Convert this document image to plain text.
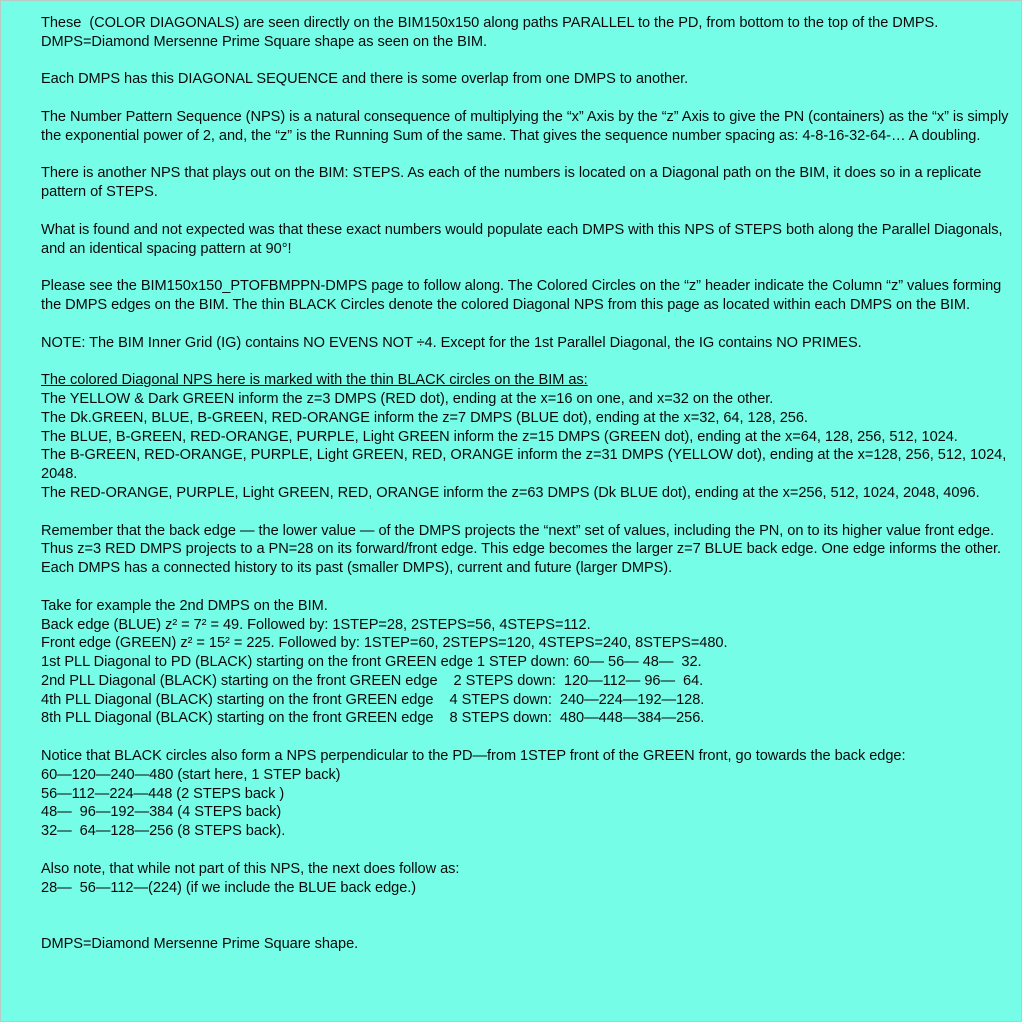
These  (COLOR DIAGONALS) are seen directly on the BIM150x150 along paths PARALLEL to the PD, from bottom to the top of the DMPS. DMPS=Diamond Mersenne Prime Square shape as seen on the BIM.

Each DMPS has this DIAGONAL SEQUENCE and there is some overlap from one DMPS to another.

The Number Pattern Sequence (NPS) is a natural consequence of multiplying the “x” Axis by the “z” Axis to give the PN (containers) as the “x” is simply the exponential power of 2, and, the “z” is the Running Sum of the same. That gives the sequence number spacing as: 4-8-16-32-64-… A doubling.

There is another NPS that plays out on the BIM: STEPS. As each of the numbers is located on a Diagonal path on the BIM, it does so in a replicate pattern of STEPS.

What is found and not expected was that these exact numbers would populate each DMPS with this NPS of STEPS both along the Parallel Diagonals, and an identical spacing pattern at 90°!

Please see the BIM150x150_PTOFBMPPN-DMPS page to follow along. The Colored Circles on the “z” header indicate the Column “z” values forming the DMPS edges on the BIM. The thin BLACK Circles denote the colored Diagonal NPS from this page as located within each DMPS on the BIM.

NOTE: The BIM Inner Grid (IG) contains NO EVENS NOT ÷4. Except for the 1st Parallel Diagonal, the IG contains NO PRIMES.

The colored Diagonal NPS here is marked with the thin BLACK circles on the BIM as:
The YELLOW & Dark GREEN inform the z=3 DMPS (RED dot), ending at the x=16 on one, and x=32 on the other.
The Dk.GREEN, BLUE, B-GREEN, RED-ORANGE inform the z=7 DMPS (BLUE dot), ending at the x=32, 64, 128, 256.
The BLUE, B-GREEN, RED-ORANGE, PURPLE, Light GREEN inform the z=15 DMPS (GREEN dot), ending at the x=64, 128, 256, 512, 1024.
The B-GREEN, RED-ORANGE, PURPLE, Light GREEN, RED, ORANGE inform the z=31 DMPS (YELLOW dot), ending at the x=128, 256, 512, 1024, 2048.
The RED-ORANGE, PURPLE, Light GREEN, RED, ORANGE inform the z=63 DMPS (Dk BLUE dot), ending at the x=256, 512, 1024, 2048, 4096.

Remember that the back edge — the lower value — of the DMPS projects the “next” set of values, including the PN, on to its higher value front edge. Thus z=3 RED DMPS projects to a PN=28 on its forward/front edge. This edge becomes the larger z=7 BLUE back edge. One edge informs the other. Each DMPS has a connected history to its past (smaller DMPS), current and future (larger DMPS).

Take for example the 2nd DMPS on the BIM.
Back edge (BLUE) z² = 7² = 49. Followed by: 1STEP=28, 2STEPS=56, 4STEPS=112.
Front edge (GREEN) z² = 15² = 225. Followed by: 1STEP=60, 2STEPS=120, 4STEPS=240, 8STEPS=480.
1st PLL Diagonal to PD (BLACK) starting on the front GREEN edge 1 STEP down: 60— 56— 48—  32.
2nd PLL Diagonal (BLACK) starting on the front GREEN edge    2 STEPS down:  120—112— 96—  64.
4th PLL Diagonal (BLACK) starting on the front GREEN edge    4 STEPS down:  240—224—192—128.
8th PLL Diagonal (BLACK) starting on the front GREEN edge    8 STEPS down:  480—448—384—256.

Notice that BLACK circles also form a NPS perpendicular to the PD—from 1STEP front of the GREEN front, go towards the back edge:
60—120—240—480 (start here, 1 STEP back)
56—112—224—448 (2 STEPS back )
48—  96—192—384 (4 STEPS back)
32—  64—128—256 (8 STEPS back).

Also note, that while not part of this NPS, the next does follow as:
28—  56—112—(224) (if we include the BLUE back edge.)

DMPS=Diamond Mersenne Prime Square shape.
